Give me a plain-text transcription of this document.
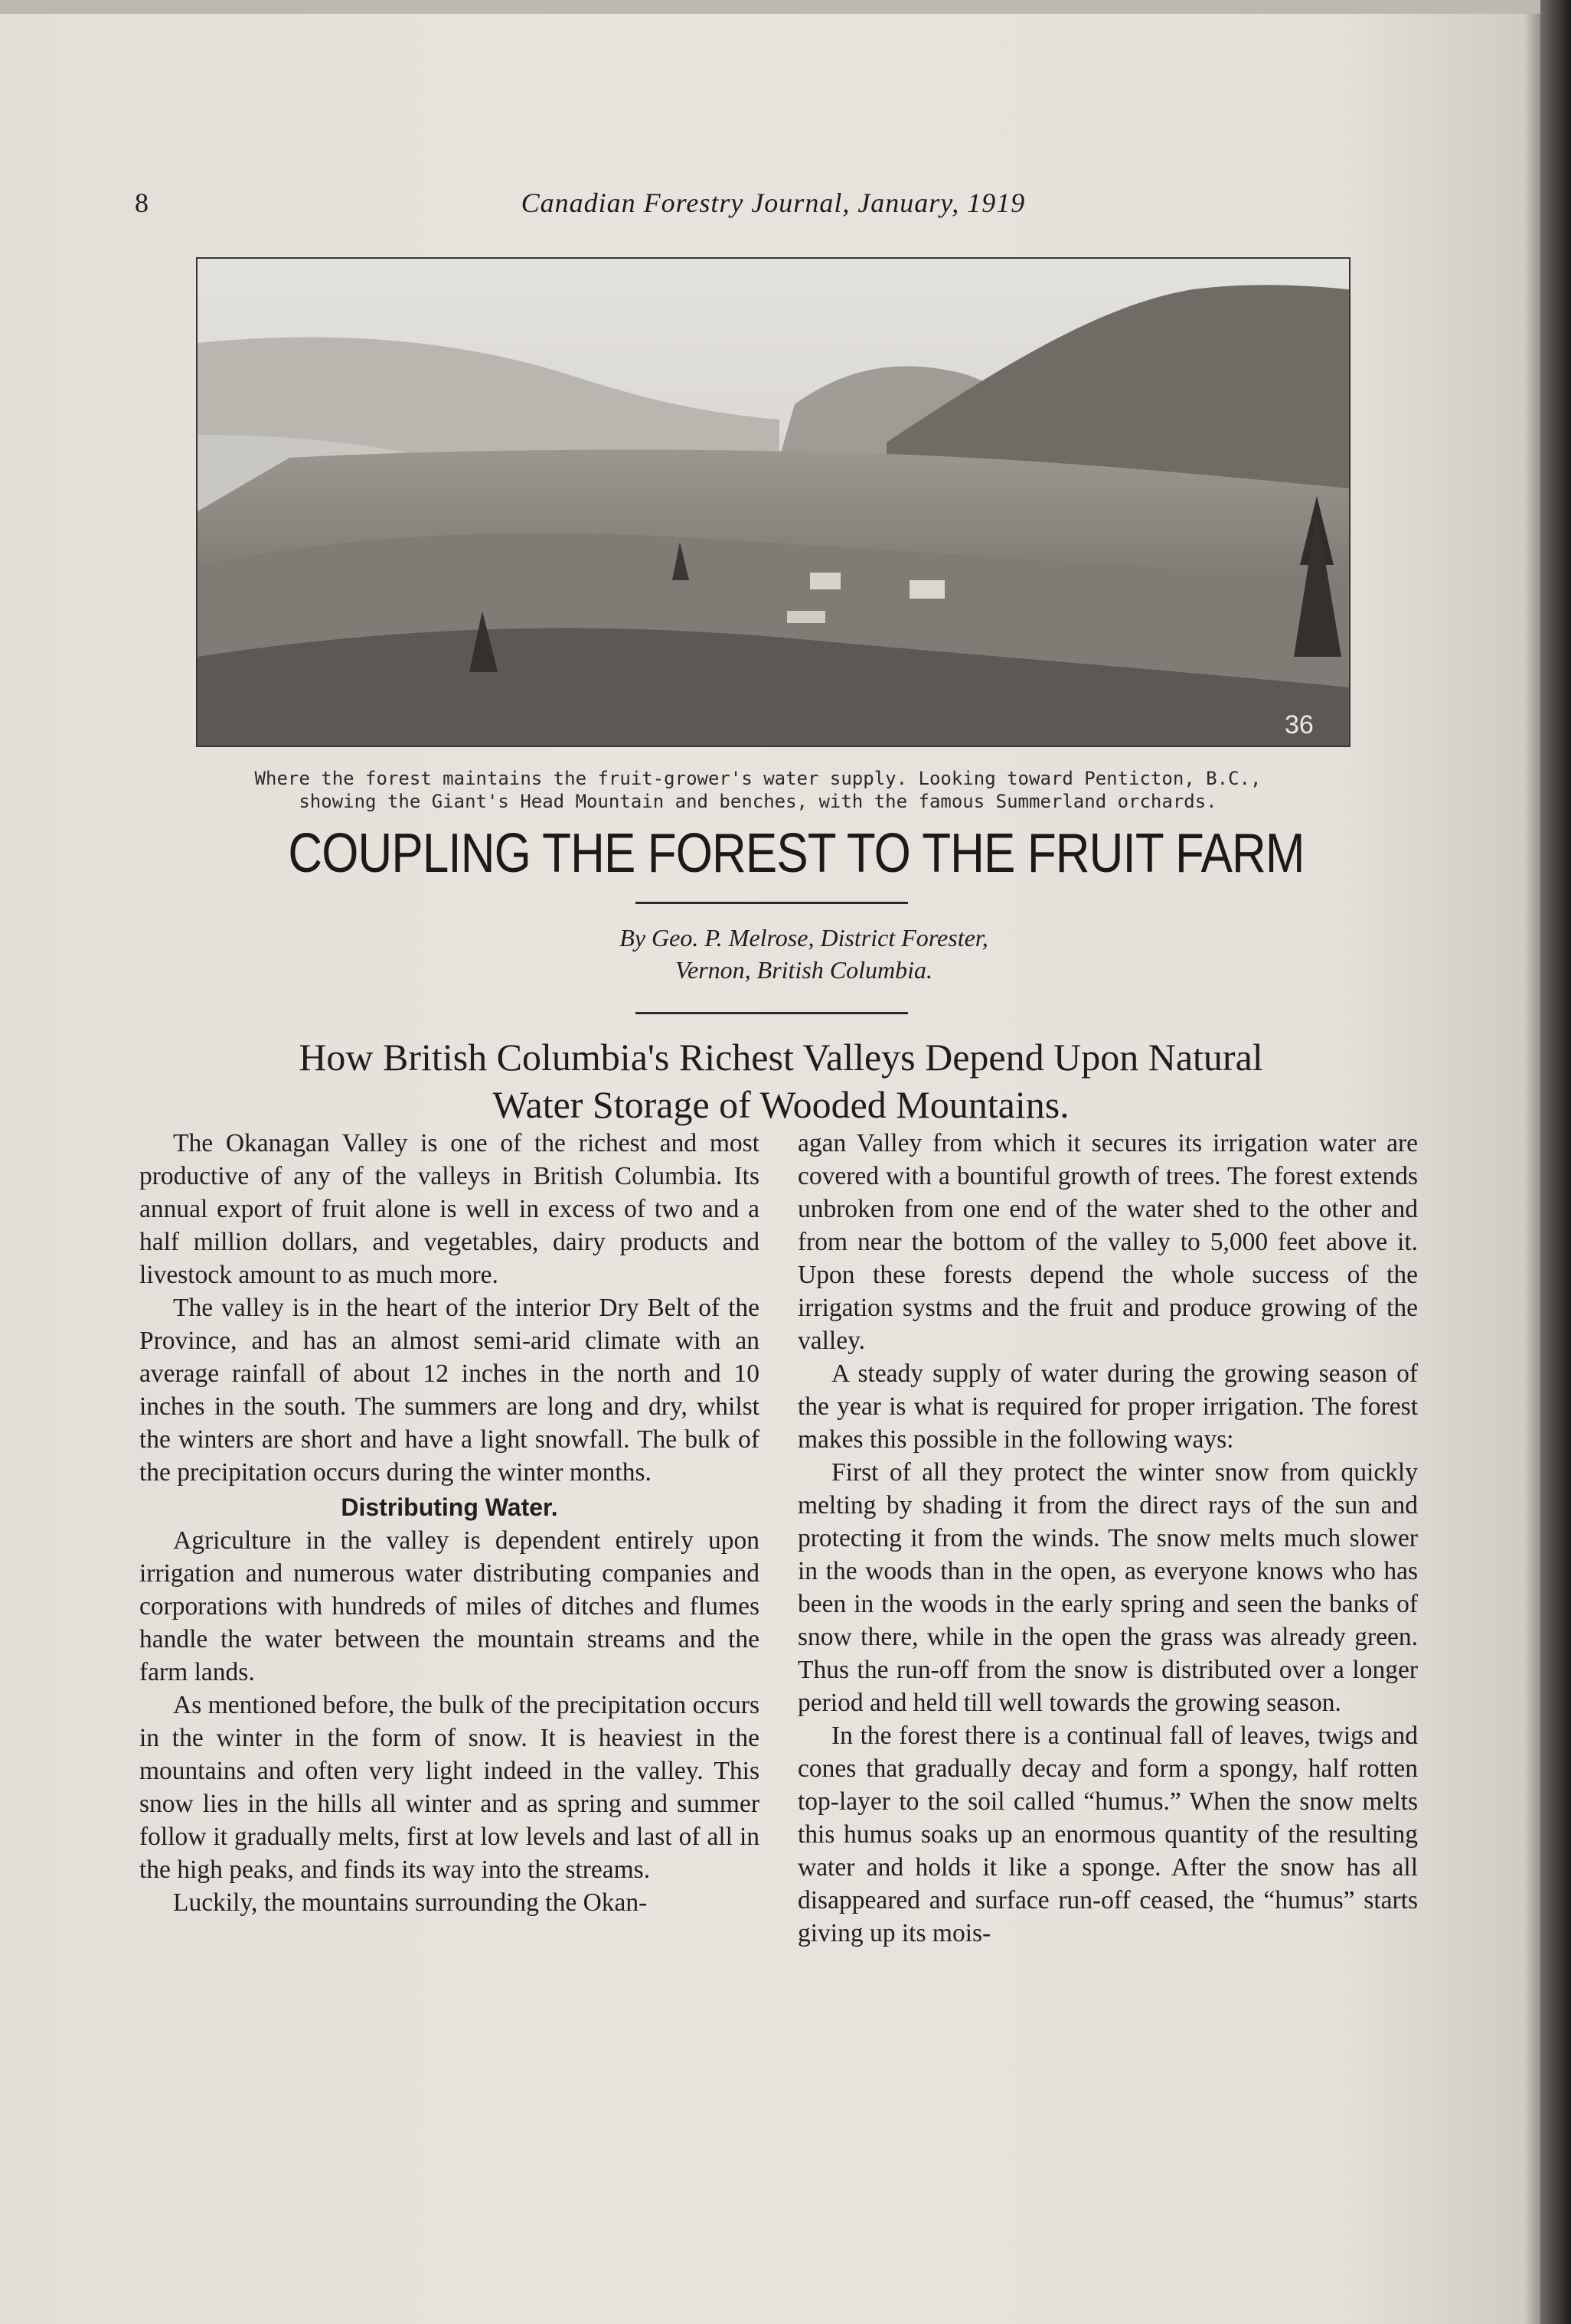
8	Canadian Forestry Journal, January, 1919
36
Where the forest maintains the fruit-grower's water supply. Looking toward Penticton, B.C.,
showing the Giant's Head Mountain and benches, with the famous Summerland orchards.
COUPLING THE FOREST TO THE FRUIT FARM
By Geo. P. Melrose, District Forester,
Vernon, British Columbia.
How British Columbia's Richest Valleys Depend Upon Natural
Water Storage of Wooded Mountains.

The Okanagan Valley is one of the richest and most productive of any of the valleys in British Columbia. Its annual export of fruit alone is well in excess of two and a half million dollars, and vegetables, dairy products and livestock amount to as much more.

The valley is in the heart of the interior Dry Belt of the Province, and has an almost semi-arid climate with an average rainfall of about 12 inches in the north and 10 inches in the south. The summers are long and dry, whilst the winters are short and have a light snowfall. The bulk of the precipitation occurs during the winter months.

Distributing Water.

Agriculture in the valley is dependent entirely upon irrigation and numerous water distributing companies and corporations with hundreds of miles of ditches and flumes handle the water between the mountain streams and the farm lands.

As mentioned before, the bulk of the precipitation occurs in the winter in the form of snow. It is heaviest in the mountains and often very light indeed in the valley. This snow lies in the hills all winter and as spring and summer follow it gradually melts, first at low levels and last of all in the high peaks, and finds its way into the streams.

Luckily, the mountains surrounding the Okan-

agan Valley from which it secures its irrigation water are covered with a bountiful growth of trees. The forest extends unbroken from one end of the water shed to the other and from near the bottom of the valley to 5,000 feet above it. Upon these forests depend the whole success of the irrigation systms and the fruit and produce growing of the valley.

A steady supply of water during the growing season of the year is what is required for proper irrigation. The forest makes this possible in the following ways:

First of all they protect the winter snow from quickly melting by shading it from the direct rays of the sun and protecting it from the winds. The snow melts much slower in the woods than in the open, as everyone knows who has been in the woods in the early spring and seen the banks of snow there, while in the open the grass was already green. Thus the run-off from the snow is distributed over a longer period and held till well towards the growing season.

In the forest there is a continual fall of leaves, twigs and cones that gradually decay and form a spongy, half rotten top-layer to the soil called “humus.” When the snow melts this humus soaks up an enormous quantity of the resulting water and holds it like a sponge. After the snow has all disappeared and surface run-off ceased, the “humus” starts giving up its mois-
